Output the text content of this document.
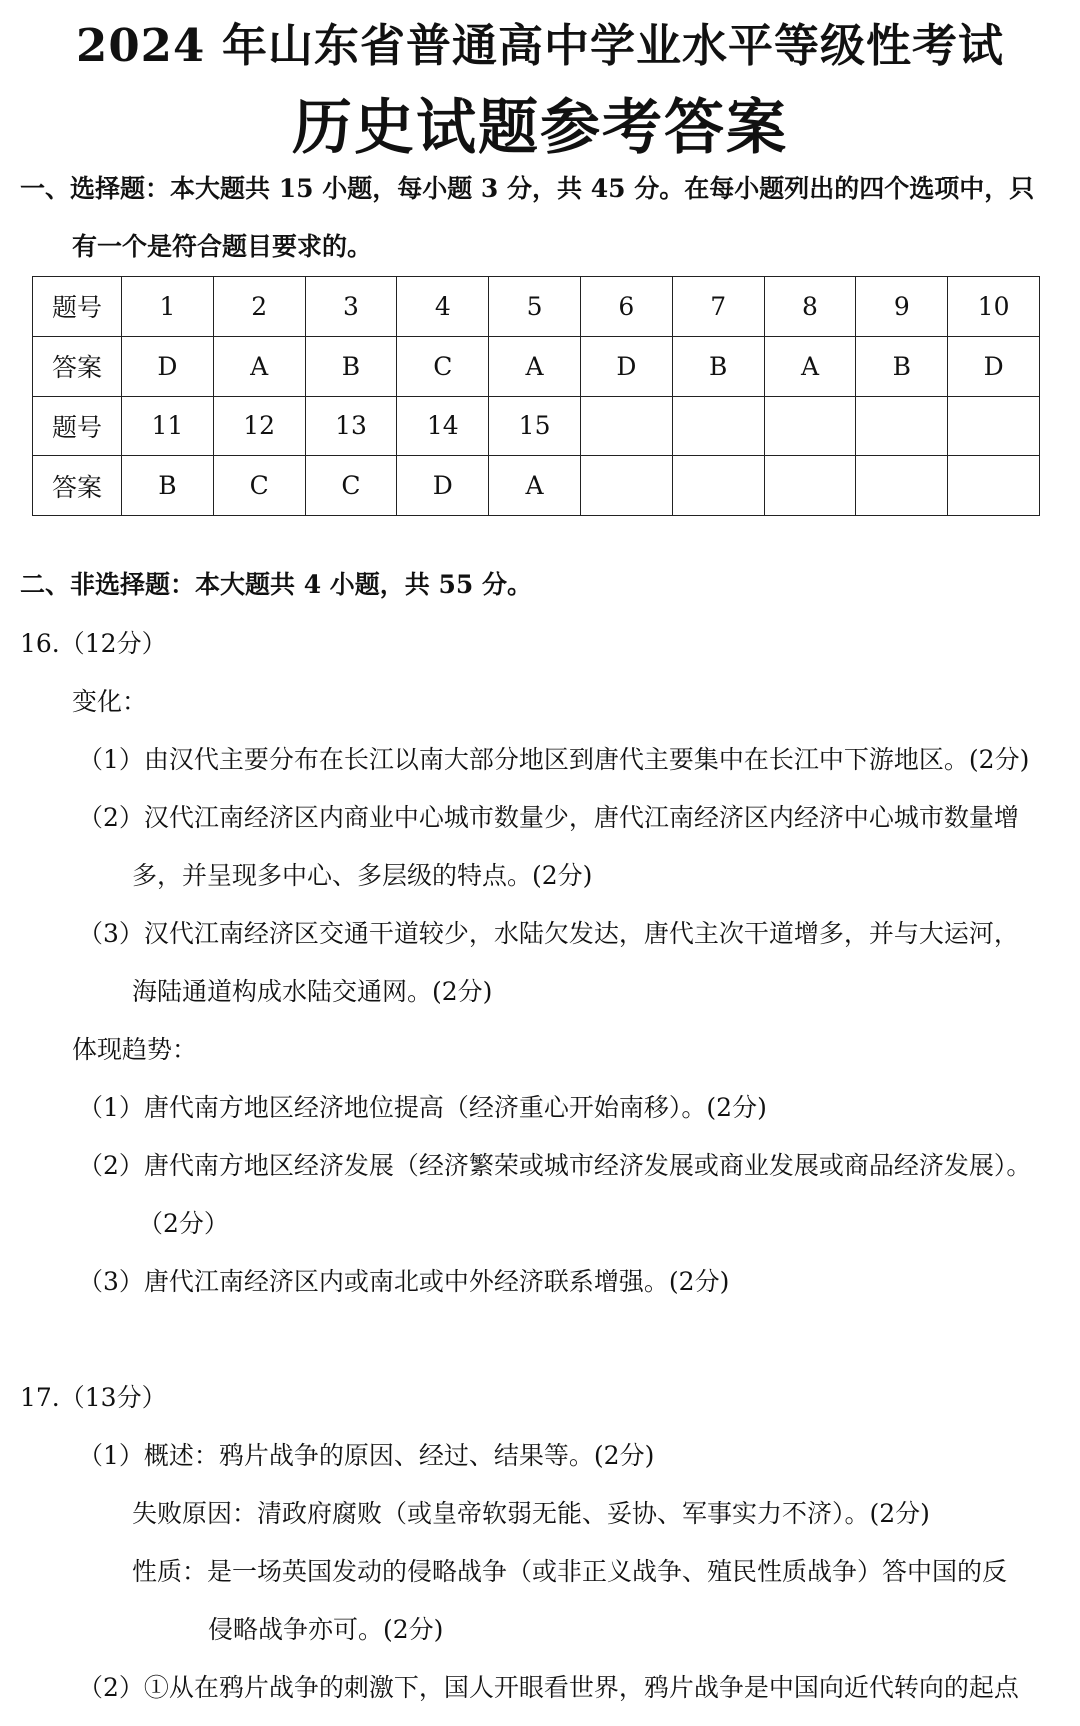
2024 年山东省普通高中学业水平等级性考试
历史试题参考答案
一、选择题：本大题共 15 小题，每小题 3 分，共 45 分。在每小题列出的四个选项中，只
有一个是符合题目要求的。
题号	1	2	3	4	5	6	7	8	9	10
答案	D	A	B	C	A	D	B	A	B	D
题号	11	12	13	14	15					
答案	B	C	C	D	A					
二、非选择题：本大题共 4 小题，共 55 分。
16.（12分）
变化：
（1）由汉代主要分布在长江以南大部分地区到唐代主要集中在长江中下游地区。(2分)
（2）汉代江南经济区内商业中心城市数量少，唐代江南经济区内经济中心城市数量增
多，并呈现多中心、多层级的特点。(2分)
（3）汉代江南经济区交通干道较少，水陆欠发达，唐代主次干道增多，并与大运河，
海陆通道构成水陆交通网。(2分)
体现趋势：
（1）唐代南方地区经济地位提高（经济重心开始南移）。(2分)
（2）唐代南方地区经济发展（经济繁荣或城市经济发展或商业发展或商品经济发展）。
（2分）
（3）唐代江南经济区内或南北或中外经济联系增强。(2分)
17.（13分）
（1）概述：鸦片战争的原因、经过、结果等。(2分)
失败原因：清政府腐败（或皇帝软弱无能、妥协、军事实力不济）。(2分)
性质：是一场英国发动的侵略战争（或非正义战争、殖民性质战争）答中国的反
侵略战争亦可。(2分)
（2）①从在鸦片战争的刺激下，国人开眼看世界，鸦片战争是中国向近代转向的起点
